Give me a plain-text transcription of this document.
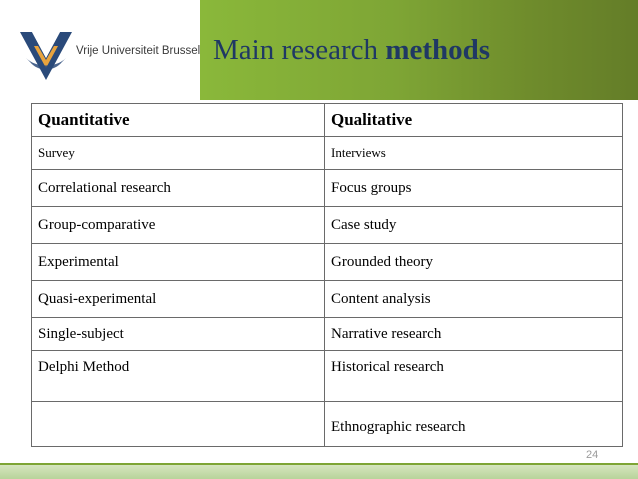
Vrije Universiteit Brussel Main research methods
Quantitative	Qualitative
Survey	Interviews
Correlational research	Focus groups
Group-comparative	Case study
Experimental	Grounded theory
Quasi-experimental	Content analysis
Single-subject	Narrative research
Delphi Method	Historical research
	Ethnographic research
24
